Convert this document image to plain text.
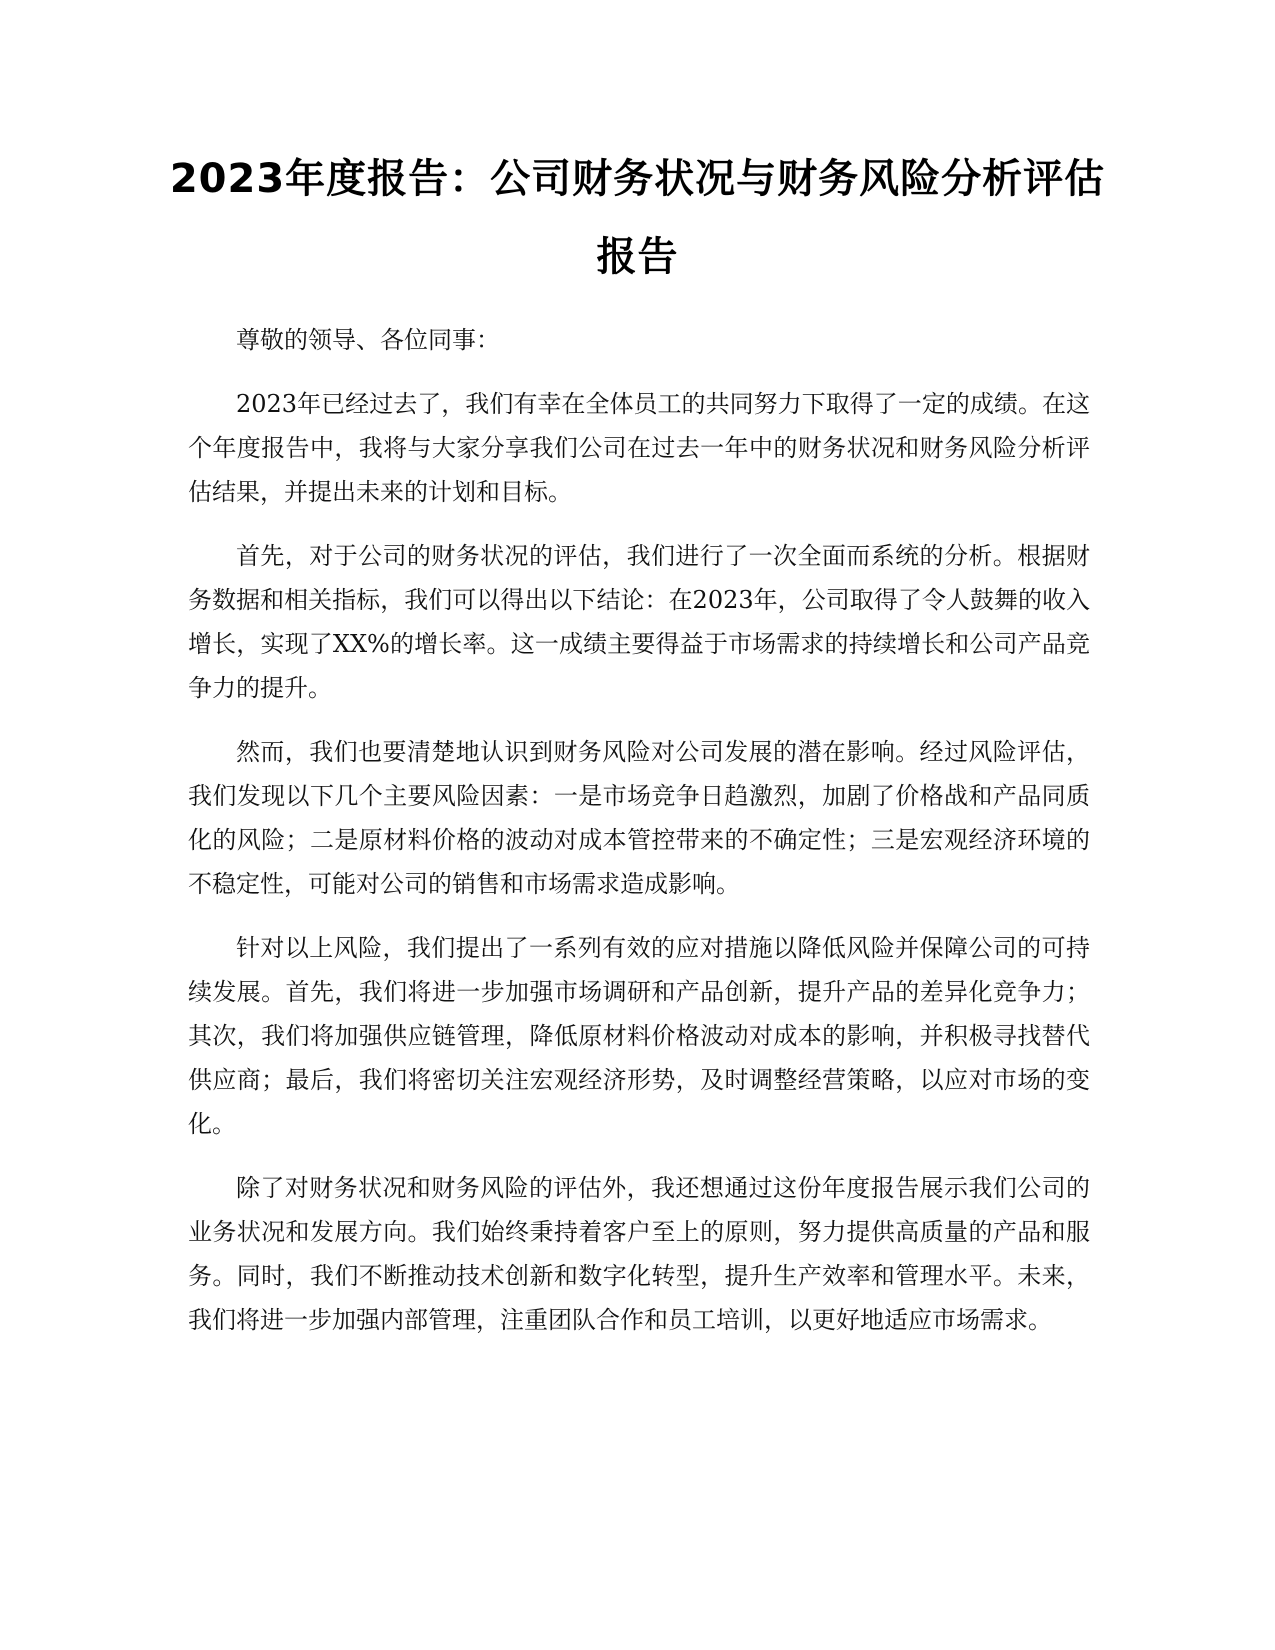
2023年度报告：公司财务状况与财务风险分析评估报告

尊敬的领导、各位同事：

2023年已经过去了，我们有幸在全体员工的共同努力下取得了一定的成绩。在这个年度报告中，我将与大家分享我们公司在过去一年中的财务状况和财务风险分析评估结果，并提出未来的计划和目标。

首先，对于公司的财务状况的评估，我们进行了一次全面而系统的分析。根据财务数据和相关指标，我们可以得出以下结论：在2023年，公司取得了令人鼓舞的收入增长，实现了XX%的增长率。这一成绩主要得益于市场需求的持续增长和公司产品竞争力的提升。

然而，我们也要清楚地认识到财务风险对公司发展的潜在影响。经过风险评估，我们发现以下几个主要风险因素：一是市场竞争日趋激烈，加剧了价格战和产品同质化的风险；二是原材料价格的波动对成本管控带来的不确定性；三是宏观经济环境的不稳定性，可能对公司的销售和市场需求造成影响。

针对以上风险，我们提出了一系列有效的应对措施以降低风险并保障公司的可持续发展。首先，我们将进一步加强市场调研和产品创新，提升产品的差异化竞争力；其次，我们将加强供应链管理，降低原材料价格波动对成本的影响，并积极寻找替代供应商；最后，我们将密切关注宏观经济形势，及时调整经营策略，以应对市场的变化。

除了对财务状况和财务风险的评估外，我还想通过这份年度报告展示我们公司的业务状况和发展方向。我们始终秉持着客户至上的原则，努力提供高质量的产品和服务。同时，我们不断推动技术创新和数字化转型，提升生产效率和管理水平。未来，我们将进一步加强内部管理，注重团队合作和员工培训，以更好地适应市场需求。
